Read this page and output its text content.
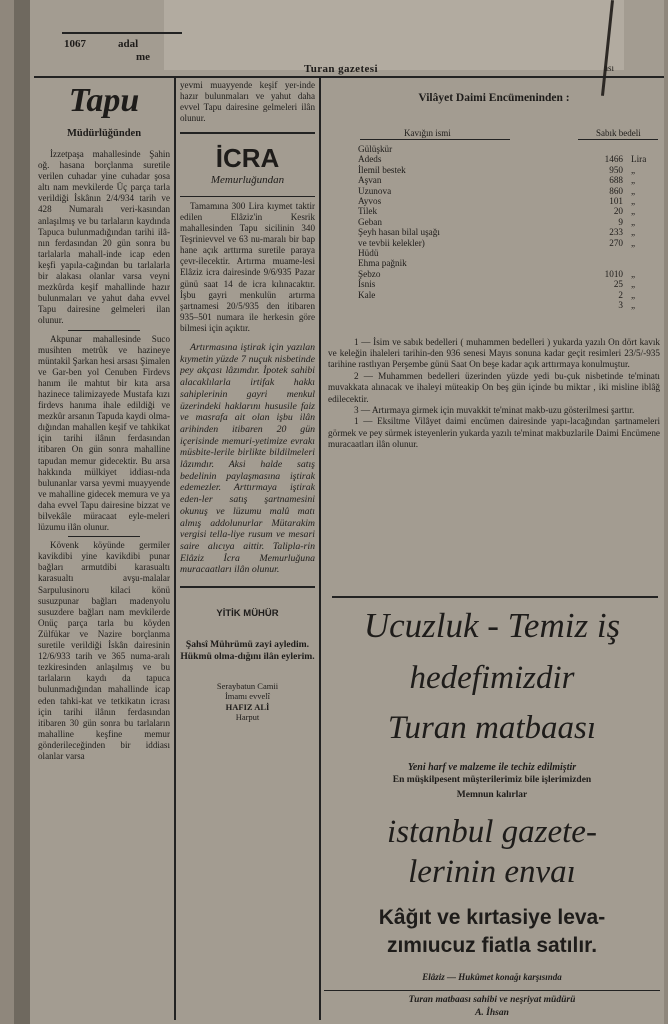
1067	adal
me
Turan gazetesi	ası
Tapu
Müdürlüğünden
İzzetpaşa mahallesinde Şahin oğ. hasana borçlanma suretile verilen cuhadar yine cuhadar şosa altı nam mevkilerde Üç parça tarla verildiği İskânın 2/4/934 tarih ve 428 Numaralı veri-kasından anlaşılmış ve bu tarlaların kaydında Tapuca bulunmadığından tarihi ilâ-nın ferdasından 20 gün sonra bu tarlalarla mahall-inde icap eden keşfi yapıla-cağından bu tarlalarla bir alakası olanlar varsa veyni mezkûrda keşif mahallinde hazır bulunmaları ve yahut daha evvel Tapu dairesine gelmeleri ilan olunur.
Akpunar mahallesinde Suco musihten metrûk ve hazineye müntakil Şarkan hesi arsası Şimalen ve Gar-ben yol Cenuben Firdevs hanım ile mahtut bir kıta arsa hazinece talimizayede Mustafa kızı firdevs hanıma ihale edildiği ve mezkûr arsanın Tapuda kaydi olma-dığından mahallen keşif ve tahkikat için tarihi ilânın ferdasından itibaren On gün sonra mahalline tapudan memur gidecektir. Bu arsa hakkında mülkiyet iddiası-nda bulunanlar varsa yevmi muayyende ve mahalline gidecek memura ve ya daha evvel Tapu dairesine bizzat ve bilvekâle müracaat eyle-meleri lüzumu ilân olunur.
Kövenk köyünde germiler kavikdibi yine kavikdibi punar bağları armutdibi karasualtı karasualtı avşu-malalar Sarpulusinoru kilaci könü susuzpunar bağları madenyolu susuzdere bağları nam mevkilerde Onüç parça tarla bu köyden Zülfükar ve Nazire borçlanma suretile verildiği İskân dairesinin 12/6/933 tarih ve 365 numa-aralı tezkiresinden anlaşılmış ve bu tarlaların kaydı da tapuca bulunmadığından mahallinde icap eden tahki-kat ve tetkikatın icrası için tarihi ilânın ferdasından itibaren 30 gün sonra bu tarlaların mahalline keşfine memur gönderileceğinden bir iddiası olanlar varsa
yevmi muayyende keşif yer-inde hazır bulunmaları ve yahut daha evvel Tapu dairesine gelmeleri ilân olunur.
İCRA
Memurluğundan
Tamamına 300 Lira kıymet taktir edilen Elâziz'in Kesrik mahallesinden Tapu sicilinin 340 Teşrinievvel ve 63 nu-maralı bir bap hane açık arttırma suretile paraya çevr-ilecektir. Artırma muame-lesi Elâziz icra dairesinde 9/6/935 Pazar günü saat 14 de icra kılınacaktır. İşbu gayri menkulün artırma şartnamesi 20/5/935 den itibaren 935–501 numara ile herkesin göre bilmesi için açıktır.
Artırmasına iştirak için yazılan kıymetin yüzde 7 nuçuk nisbetinde pey akçası lâzımdır. İpotek sahibi alacaklılarla irtifak hakkı sahiplerinin gayri menkul üzerindeki haklarını hususile faiz ve masrafa ait olan işbu ilân arihinden itibaren 20 gün içerisinde memuri-yetimize evrakı müsbite-lerile birlikte bildilmeleri lâzımdır. Aksi halde satış bedelinin paylaşmasına iştirak edemezler. Arttırmaya iştirak eden-ler satış şartnamesini okunuş ve lüzumu malû matı almış addolunurlar Mütarakim vergisi tella-liye rusum ve mesari saire alıcıya aittir. Talipla-rin Elâziz İcra Memurluğuna muracaatları ilân olunur.
YİTİK MÜHÜR
Şahsî Mührümü zayi ayledim. Hükmü olma-dığını ilân eylerim.
Seraybatun Camii
İmamı evvelî
HAFIZ ALİ
Harput
Vilâyet Daimi Encümeninden :
Kavığın ismi	Sabık bedeli
Gülüşkür		
Adeds	1466	Lira
İlemil bestek	950	„
Aşvan	688	„
Uzunova	860	„
Ayvos	101	„
Tilek	20	„
Geban	9	„
Şeyh hasan bilal uşağı	233	„
ve tevbii kelekler)	270	„
Hüdü		
Ehma pağnik		
Şebzo	1010	„
İsnis	25	„
Kale	2	„
	3	„
1 — İsim ve sabık bedelleri ( muhammen bedelleri ) yukarda yazılı On dört kavık ve keleğin ihaleleri tarihin-den 936 senesi Mayıs sonuna kadar geçit resimleri 23/5/-935 tarihine rastlıyan Perşembe günü Saat On beşe kadar açık arttırmaya konulmuştur.
2 — Muhammen bedelleri üzerinden yüzde yedi bu-çuk nisbetinde te'minatı muvakkata alınacak ve ihaleyi müteakip On beş gün içinde bu miktar , iki misline iblâğ edilecektir.
3 — Artırmaya girmek için muvakkit te'minat makb-uzu gösterilmesi şarttır.
1 — Eksiltme Vilâyet daimi encümen dairesinde yapı-lacağından şartnameleri görmek ve pey sürmek isteyenlerin yukarda yazılı te'minat makbuzlarile Daimi Encümene muracaatları ilân olunur.
Ucuzluk - Temiz iş
hedefimizdir
Turan matbaası
Yeni harf ve malzeme ile techiz edilmiştir
En müşkilpesent müşterilerimiz bile işlerimizden
Memnun kalırlar
istanbul gazete-
lerinin envaı
Kâğıt ve kırtasiye leva-
zımıucuz fiatla satılır.
Elâziz — Hukûmet konağı karşısında
Turan matbaası sahibi ve neşriyat müdürü
A. İhsan
